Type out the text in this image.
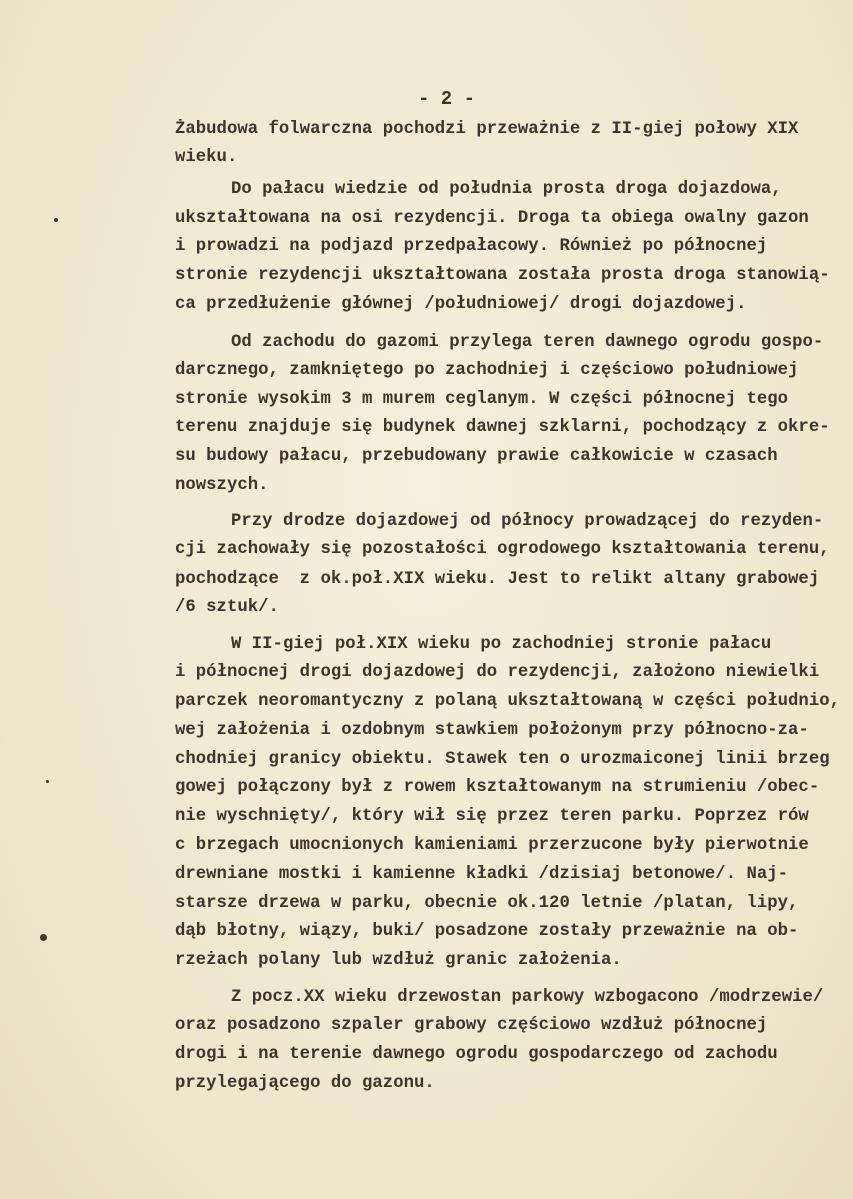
- 2 -
Żabudowa folwarczna pochodzi przeważnie z II-giej połowy XIX
wieku.
Do pałacu wiedzie od południa prosta droga dojazdowa,
ukształtowana na osi rezydencji. Droga ta obiega owalny gazon
i prowadzi na podjazd przedpałacowy. Również po północnej
stronie rezydencji ukształtowana została prosta droga stanowią-
ca przedłużenie głównej /południowej/ drogi dojazdowej.
Od zachodu do gazomi przylega teren dawnego ogrodu gospo-
darcznego, zamkniętego po zachodniej i częściowo południowej
stronie wysokim 3 m murem ceglanym. W części północnej tego
terenu znajduje się budynek dawnej szklarni, pochodzący z okre-
su budowy pałacu, przebudowany prawie całkowicie w czasach
nowszych.
Przy drodze dojazdowej od północy prowadzącej do rezyden-
cji zachowały się pozostałości ogrodowego kształtowania terenu,
pochodzące  z ok.poł.XIX wieku. Jest to relikt altany grabowej
/6 sztuk/.
W II-giej poł.XIX wieku po zachodniej stronie pałacu
i północnej drogi dojazdowej do rezydencji, założono niewielki
parczek neoromantyczny z polaną ukształtowaną w części południo,
wej założenia i ozdobnym stawkiem położonym przy północno-za-
chodniej granicy obiektu. Stawek ten o urozmaiconej linii brzeg
gowej połączony był z rowem kształtowanym na strumieniu /obec-
nie wyschnięty/, który wił się przez teren parku. Poprzez rów
c brzegach umocnionych kamieniami przerzucone były pierwotnie
drewniane mostki i kamienne kładki /dzisiaj betonowe/. Naj-
starsze drzewa w parku, obecnie ok.120 letnie /platan, lipy,
dąb błotny, wiązy, buki/ posadzone zostały przeważnie na ob-
rzeżach polany lub wzdłuż granic założenia.
Z pocz.XX wieku drzewostan parkowy wzbogacono /modrzewie/
oraz posadzono szpaler grabowy częściowo wzdłuż północnej
drogi i na terenie dawnego ogrodu gospodarczego od zachodu
przylegającego do gazonu.
